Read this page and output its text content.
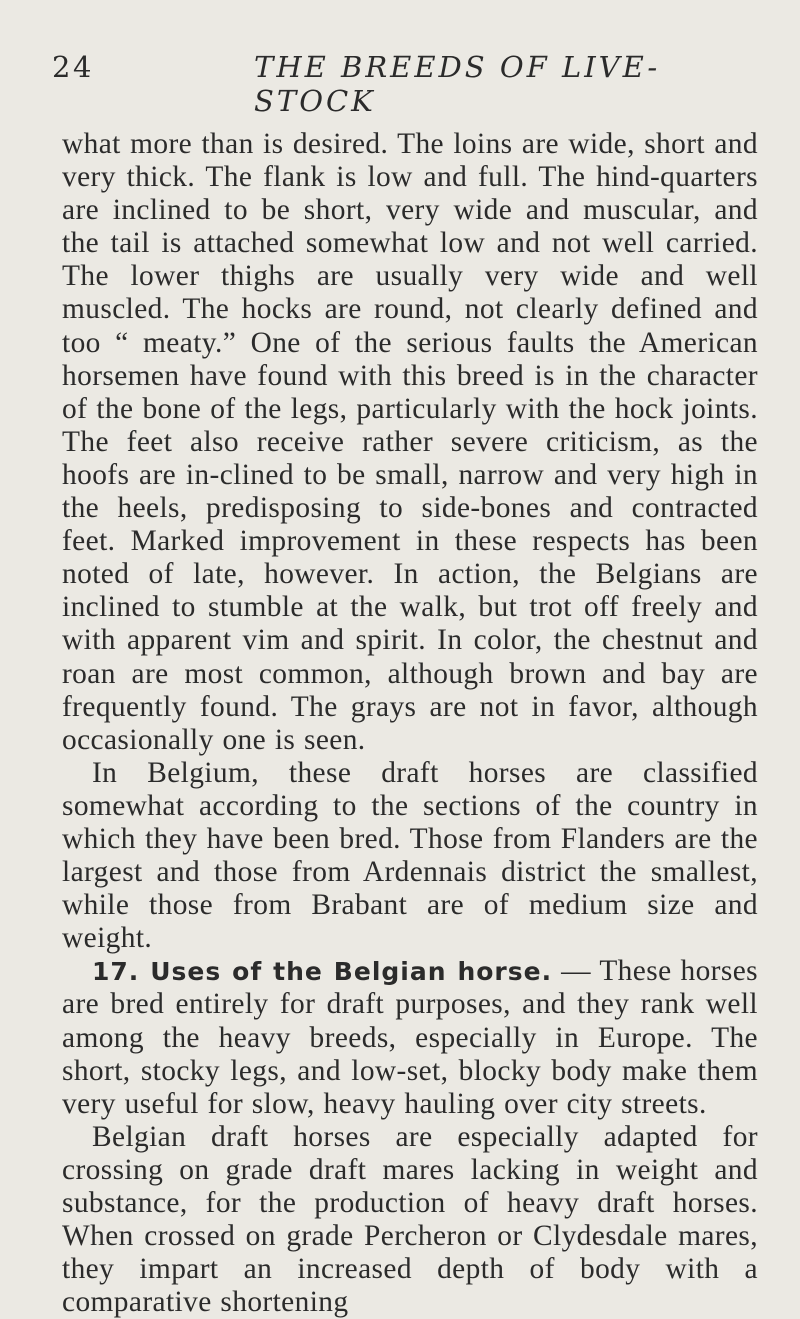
24	THE BREEDS OF LIVE-STOCK

what more than is desired. The loins are wide, short and very thick. The flank is low and full. The hind-quarters are inclined to be short, very wide and muscular, and the tail is attached somewhat low and not well carried. The lower thighs are usually very wide and well muscled. The hocks are round, not clearly defined and too “ meaty.” One of the serious faults the American horsemen have found with this breed is in the character of the bone of the legs, particularly with the hock joints. The feet also receive rather severe criticism, as the hoofs are in-clined to be small, narrow and very high in the heels, predisposing to side-bones and contracted feet. Marked improvement in these respects has been noted of late, however. In action, the Belgians are inclined to stumble at the walk, but trot off freely and with apparent vim and spirit. In color, the chestnut and roan are most common, although brown and bay are frequently found. The grays are not in favor, although occasionally one is seen.

In Belgium, these draft horses are classified somewhat according to the sections of the country in which they have been bred. Those from Flanders are the largest and those from Ardennais district the smallest, while those from Brabant are of medium size and weight.

17. Uses of the Belgian horse. — These horses are bred entirely for draft purposes, and they rank well among the heavy breeds, especially in Europe. The short, stocky legs, and low-set, blocky body make them very useful for slow, heavy hauling over city streets.

Belgian draft horses are especially adapted for crossing on grade draft mares lacking in weight and substance, for the production of heavy draft horses. When crossed on grade Percheron or Clydesdale mares, they impart an increased depth of body with a comparative shortening
